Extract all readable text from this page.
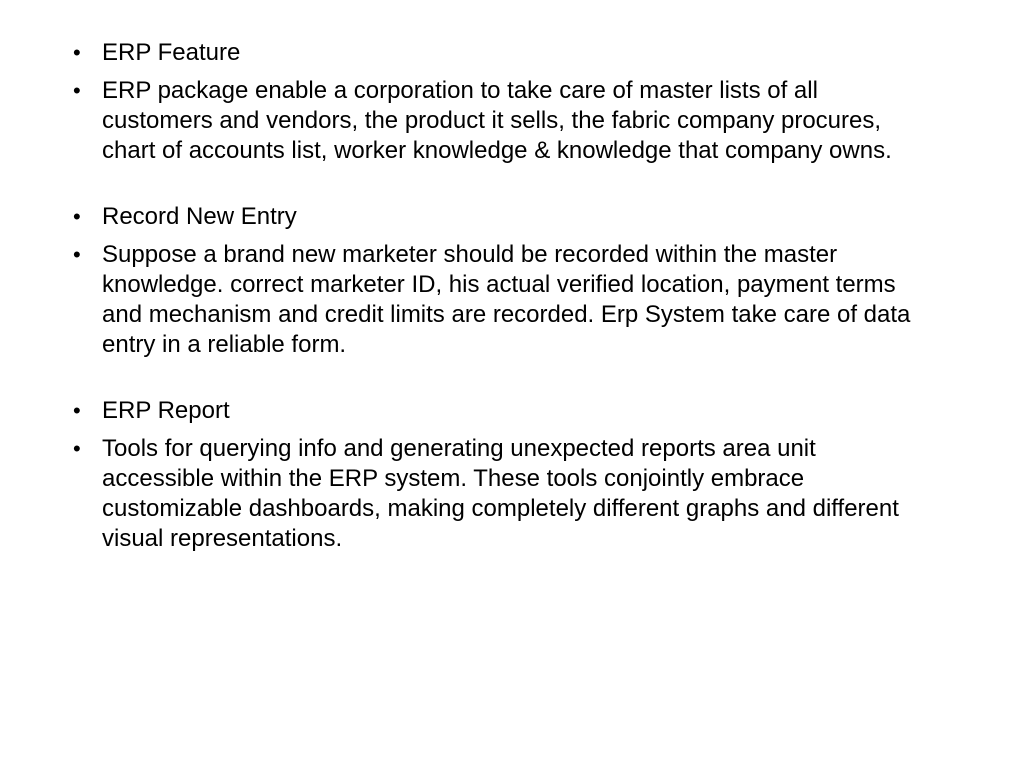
• ERP Feature
• ERP package enable a corporation to take care of master lists of all customers and vendors, the product it sells, the fabric company procures, chart of accounts list, worker knowledge & knowledge that company owns.
• Record New Entry
• Suppose a brand new marketer should be recorded within the master knowledge. correct marketer ID, his actual verified location, payment terms and mechanism and credit limits are recorded. Erp System take care of data entry in a reliable form.
• ERP Report
• Tools for querying info and generating unexpected reports area unit accessible within the ERP system. These tools conjointly embrace customizable dashboards, making completely different graphs and different visual representations.
